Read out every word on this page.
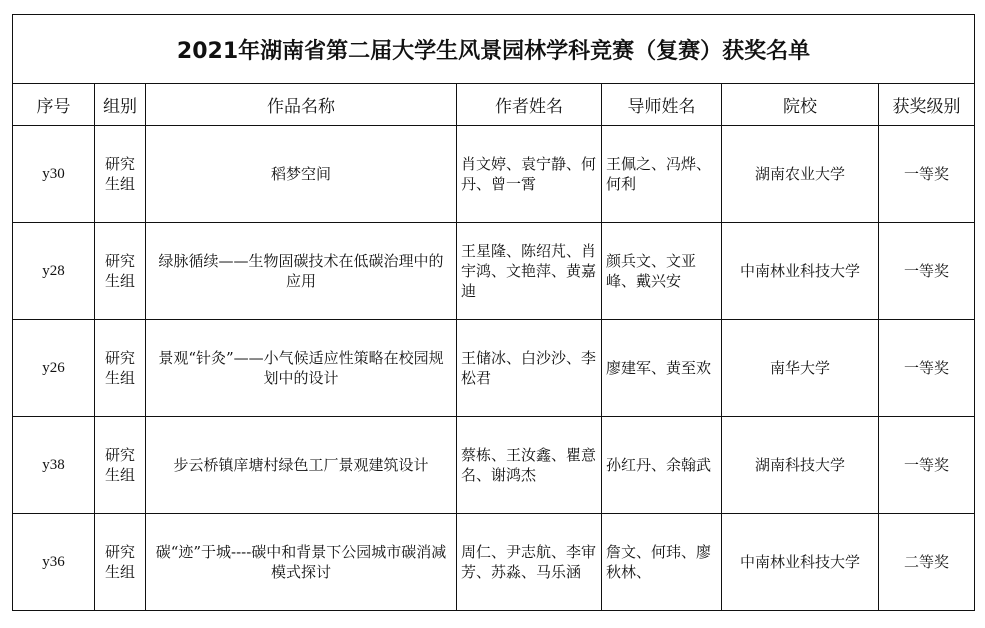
2021年湖南省第二届大学生风景园林学科竞赛（复赛）获奖名单						
序号	组别	作品名称	作者姓名	导师姓名	院校	获奖级别
y30	研究生组	稻梦空间	肖文婷、袁宁静、何丹、曾一霄	王佩之、冯烨、何利	湖南农业大学	一等奖
y28	研究生组	绿脉循续——生物固碳技术在低碳治理中的应用	王星隆、陈绍芃、肖宇鸿、文艳萍、黄嘉迪	颜兵文、文亚峰、戴兴安	中南林业科技大学	一等奖
y26	研究生组	景观“针灸”——小气候适应性策略在校园规划中的设计	王储冰、白沙沙、李松君	廖建军、黄至欢	南华大学	一等奖
y38	研究生组	步云桥镇庠塘村绿色工厂景观建筑设计	蔡栋、王汝鑫、瞿意名、谢鸿杰	孙红丹、余翰武	湖南科技大学	一等奖
y36	研究生组	碳“迹”于城----碳中和背景下公园城市碳消减模式探讨	周仁、尹志航、李审芳、苏淼、马乐涵	詹文、何玮、廖秋林、	中南林业科技大学	二等奖
